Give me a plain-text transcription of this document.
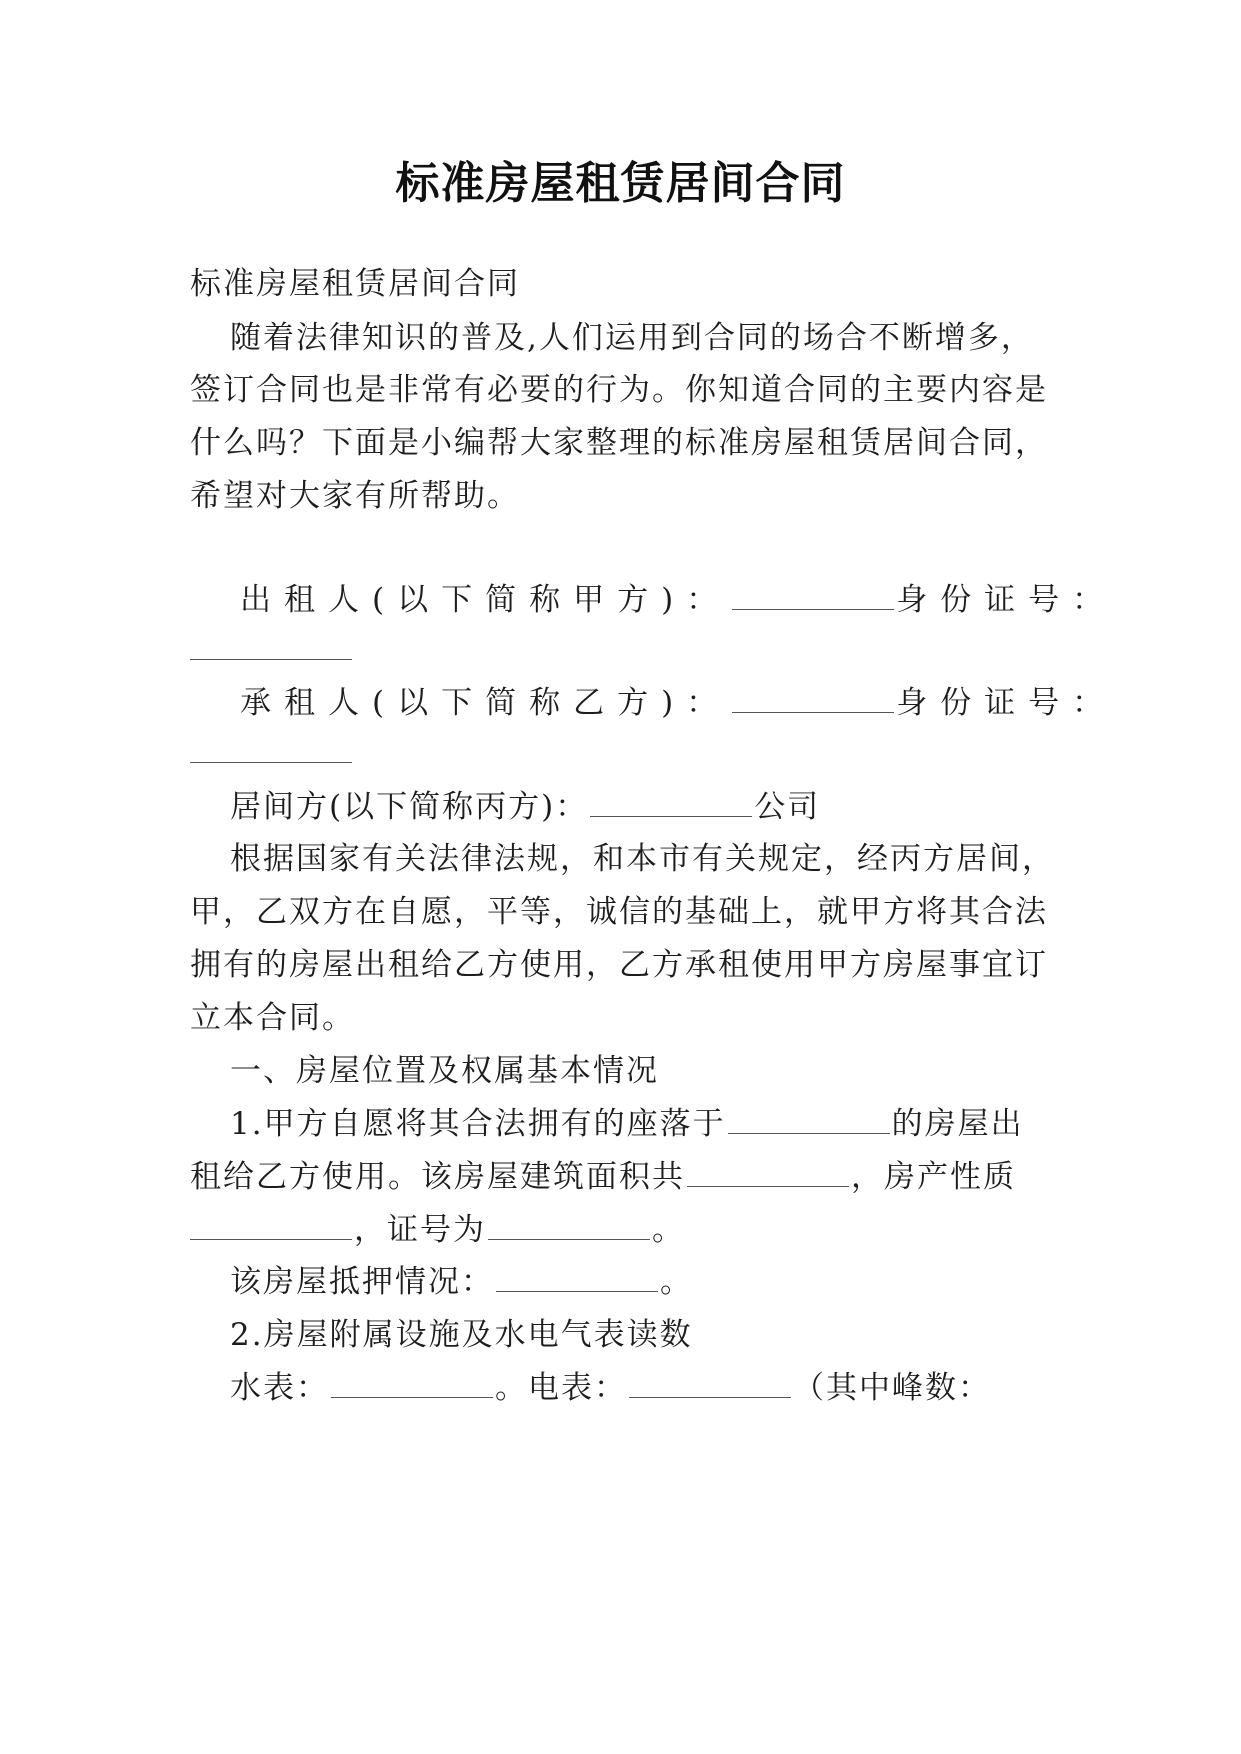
标准房屋租赁居间合同
标准房屋租赁居间合同
随着法律知识的普及,人们运用到合同的场合不断增多，
签订合同也是非常有必要的行为。你知道合同的主要内容是
什么吗？下面是小编帮大家整理的标准房屋租赁居间合同，
希望对大家有所帮助。
出租人(以下简称甲方)：	身份证号：
承租人(以下简称乙方)：	身份证号：
居间方(以下简称丙方)：	公司
根据国家有关法律法规，和本市有关规定，经丙方居间，
甲，乙双方在自愿，平等，诚信的基础上，就甲方将其合法
拥有的房屋出租给乙方使用，乙方承租使用甲方房屋事宜订
立本合同。
一、房屋位置及权属基本情况
1.甲方自愿将其合法拥有的座落于	的房屋出
租给乙方使用。该房屋建筑面积共	，房产性质
，证号为	。
该房屋抵押情况：	。
2.房屋附属设施及水电气表读数
水表：	。电表：	（其中峰数：
